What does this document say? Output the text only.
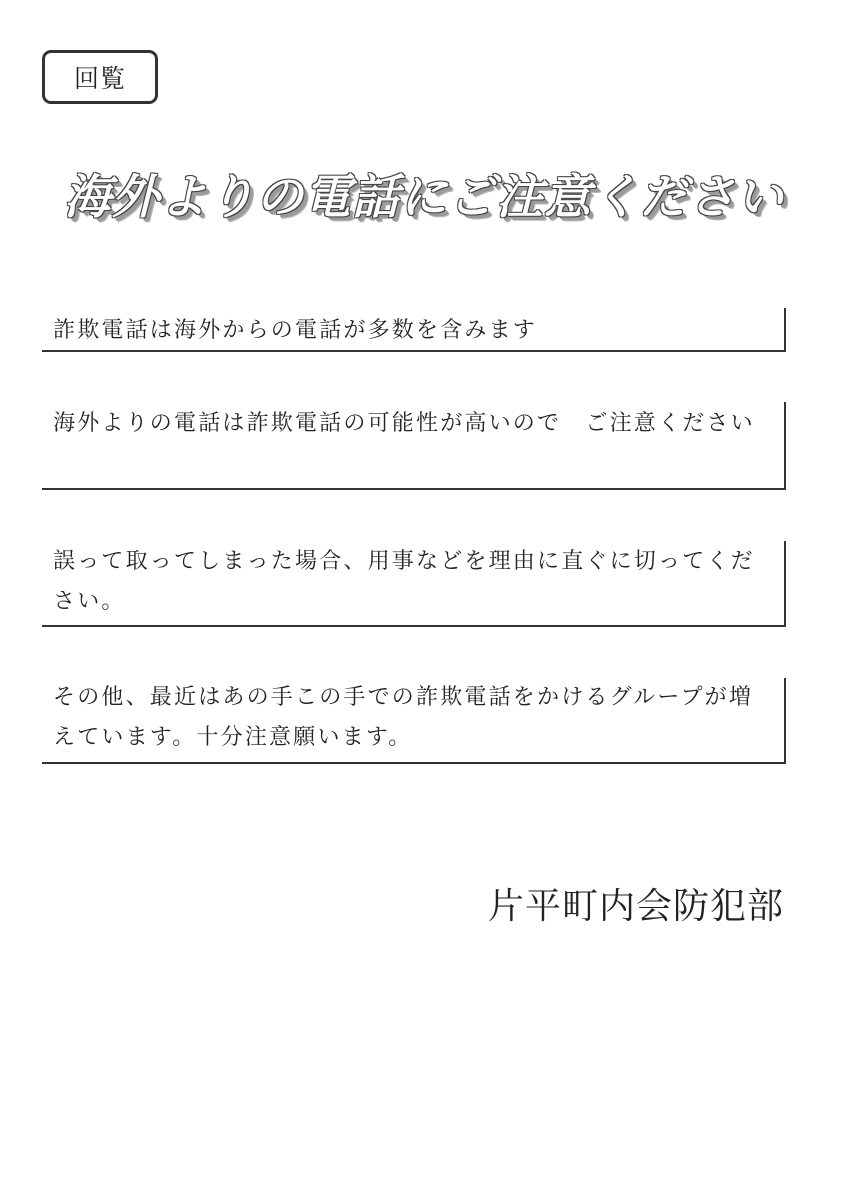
回覧
海外よりの電話にご注意ください
詐欺電話は海外からの電話が多数を含みます
海外よりの電話は詐欺電話の可能性が高いので　ご注意ください
誤って取ってしまった場合、用事などを理由に直ぐに切ってください。
その他、最近はあの手この手での詐欺電話をかけるグループが増えています。十分注意願います。
片平町内会防犯部
